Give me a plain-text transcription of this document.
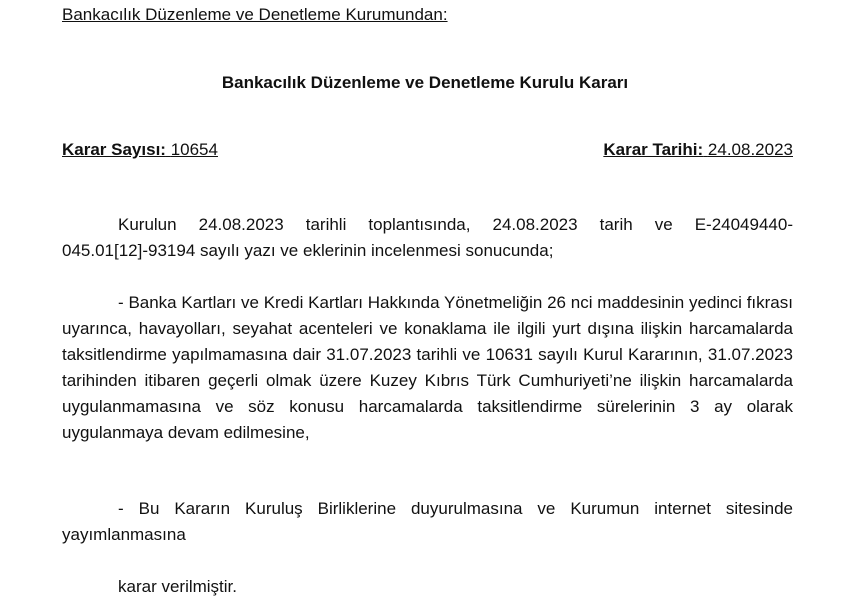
Bankacılık Düzenleme ve Denetleme Kurumundan:
Bankacılık Düzenleme ve Denetleme Kurulu Kararı
Karar Sayısı: 10654	Karar Tarihi: 24.08.2023

Kurulun 24.08.2023 tarihli toplantısında, 24.08.2023 tarih ve E-24049440-045.01[12]-93194 sayılı yazı ve eklerinin incelenmesi sonucunda;

- Banka Kartları ve Kredi Kartları Hakkında Yönetmeliğin 26 nci maddesinin yedinci fıkrası uyarınca, havayolları, seyahat acenteleri ve konaklama ile ilgili yurt dışına ilişkin harcamalarda taksitlendirme yapılmamasına dair 31.07.2023 tarihli ve 10631 sayılı Kurul Kararının, 31.07.2023 tarihinden itibaren geçerli olmak üzere Kuzey Kıbrıs Türk Cumhuriyeti’ne ilişkin harcamalarda uygulanmamasına ve söz konusu harcamalarda taksitlendirme sürelerinin 3 ay olarak uygulanmaya devam edilmesine,

- Bu Kararın Kuruluş Birliklerine duyurulmasına ve Kurumun internet sitesinde yayımlanmasına

karar verilmiştir.
